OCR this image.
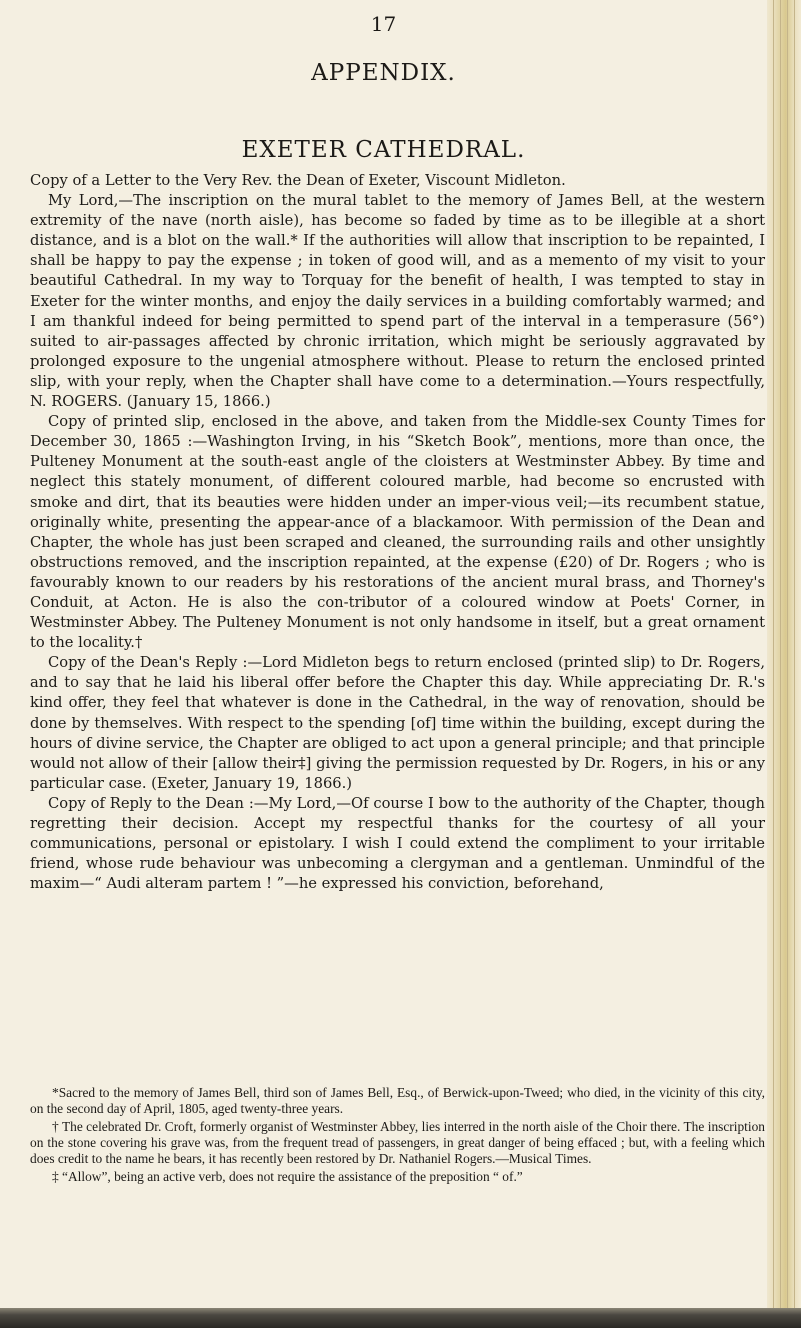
17
APPENDIX.
EXETER CATHEDRAL.

Copy of a Letter to the Very Rev. the Dean of Exeter, Viscount Midleton.

My Lord,—The inscription on the mural tablet to the memory of James Bell, at the western extremity of the nave (north aisle), has become so faded by time as to be illegible at a short distance, and is a blot on the wall.* If the authorities will allow that inscription to be repainted, I shall be happy to pay the expense ; in token of good will, and as a memento of my visit to your beautiful Cathedral. In my way to Torquay for the benefit of health, I was tempted to stay in Exeter for the winter months, and enjoy the daily services in a building comfortably warmed; and I am thankful indeed for being permitted to spend part of the interval in a temperasure (56°) suited to air-passages affected by chronic irritation, which might be seriously aggravated by prolonged exposure to the ungenial atmosphere without. Please to return the enclosed printed slip, with your reply, when the Chapter shall have come to a determination.—Yours respectfully, N. ROGERS. (January 15, 1866.)

Copy of printed slip, enclosed in the above, and taken from the Middle-sex County Times for December 30, 1865 :—Washington Irving, in his “Sketch Book”, mentions, more than once, the Pulteney Monument at the south-east angle of the cloisters at Westminster Abbey. By time and neglect this stately monument, of different coloured marble, had become so encrusted with smoke and dirt, that its beauties were hidden under an imper-vious veil;—its recumbent statue, originally white, presenting the appear-ance of a blackamoor. With permission of the Dean and Chapter, the whole has just been scraped and cleaned, the surrounding rails and other unsightly obstructions removed, and the inscription repainted, at the expense (£20) of Dr. Rogers ; who is favourably known to our readers by his restorations of the ancient mural brass, and Thorney's Conduit, at Acton. He is also the con-tributor of a coloured window at Poets' Corner, in Westminster Abbey. The Pulteney Monument is not only handsome in itself, but a great ornament to the locality.†

Copy of the Dean's Reply :—Lord Midleton begs to return enclosed (printed slip) to Dr. Rogers, and to say that he laid his liberal offer before the Chapter this day. While appreciating Dr. R.'s kind offer, they feel that whatever is done in the Cathedral, in the way of renovation, should be done by themselves. With respect to the spending [of] time within the building, except during the hours of divine service, the Chapter are obliged to act upon a general principle; and that principle would not allow of their [allow their‡] giving the permission requested by Dr. Rogers, in his or any particular case. (Exeter, January 19, 1866.)

Copy of Reply to the Dean :—My Lord,—Of course I bow to the authority of the Chapter, though regretting their decision. Accept my respectful thanks for the courtesy of all your communications, personal or epistolary. I wish I could extend the compliment to your irritable friend, whose rude behaviour was unbecoming a clergyman and a gentleman. Unmindful of the maxim—“ Audi alteram partem ! ”—he expressed his conviction, beforehand,

*Sacred to the memory of James Bell, third son of James Bell, Esq., of Berwick-upon-Tweed; who died, in the vicinity of this city, on the second day of April, 1805, aged twenty-three years.

† The celebrated Dr. Croft, formerly organist of Westminster Abbey, lies interred in the north aisle of the Choir there. The inscription on the stone covering his grave was, from the frequent tread of passengers, in great danger of being effaced ; but, with a feeling which does credit to the name he bears, it has recently been restored by Dr. Nathaniel Rogers.—Musical Times.

‡ “Allow”, being an active verb, does not require the assistance of the preposition “ of.”
